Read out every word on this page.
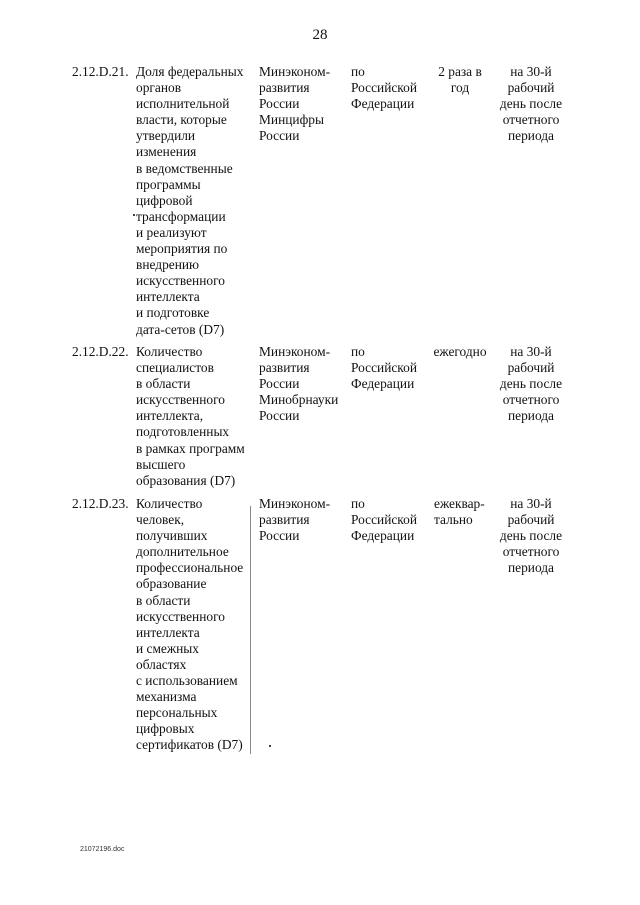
28
2.12.D.21. Доля федеральных
органов
исполнительной
власти, которые
утвердили
изменения
в ведомственные
программы
цифровой
трансформации
и реализуют
мероприятия по
внедрению
искусственного
интеллекта
и подготовке
дата-сетов (D7)
Минэконом-
развития
России
Минцифры
России
по
Российской
Федерации
2 раза в
год
на 30-й
рабочий
день после
отчетного
периода
2.12.D.22. Количество
специалистов
в области
искусственного
интеллекта,
подготовленных
в рамках программ
высшего
образования (D7)
Минэконом-
развития
России
Минобрнауки
России
по
Российской
Федерации
ежегодно	на 30-й
рабочий
день после
отчетного
периода
2.12.D.23. Количество
человек,
получивших
дополнительное
профессиональное
образование
в области
искусственного
интеллекта
и смежных
областях
с использованием
механизма
персональных
цифровых
сертификатов (D7)
Минэконом-
развития
России
по
Российской
Федерации
ежеквар-
тально
на 30-й
рабочий
день после
отчетного
периода
21072196.doc
